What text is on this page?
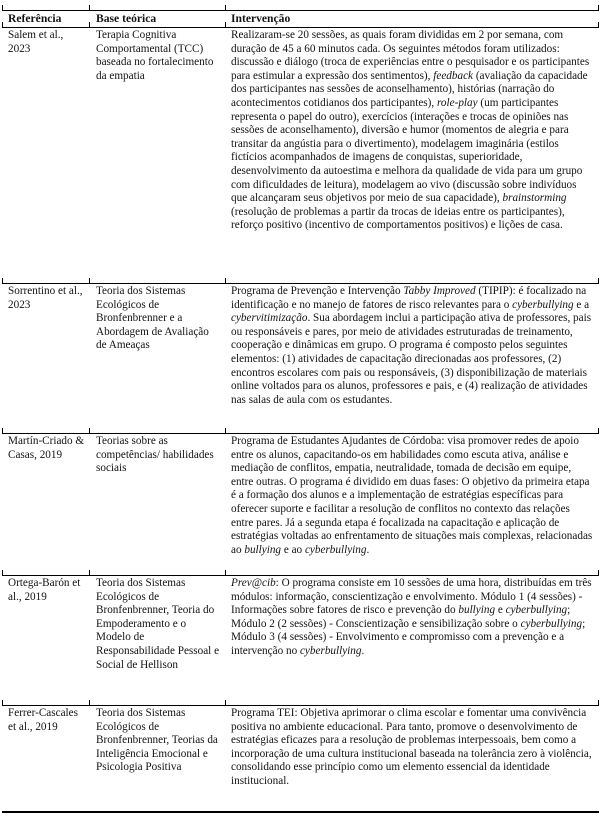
Referência	Base teórica	Intervenção
Salem et al., 2023
Terapia Cognitiva Comportamental (TCC) baseada no fortalecimento da empatia
Realizaram-se 20 sessões, as quais foram divididas em 2 por semana, com duração de 45 a 60 minutos cada. Os seguintes métodos foram utilizados: discussão e diálogo (troca de experiências entre o pesquisador e os participantes para estimular a expressão dos sentimentos), feedback (avaliação da capacidade dos participantes nas sessões de aconselhamento), histórias (narração do acontecimentos cotidianos dos participantes), role-play (um participantes representa o papel do outro), exercícios (interações e trocas de opiniões nas sessões de aconselhamento), diversão e humor (momentos de alegria e para transitar da angústia para o divertimento), modelagem imaginária (estilos fictícios acompanhados de imagens de conquistas, superioridade, desenvolvimento da autoestima e melhora da qualidade de vida para um grupo com dificuldades de leitura), modelagem ao vivo (discussão sobre indivíduos que alcançaram seus objetivos por meio de sua capacidade), brainstorming (resolução de problemas a partir da trocas de ideias entre os participantes), reforço positivo (incentivo de comportamentos positivos) e lições de casa.
Sorrentino et al., 2023
Teoria dos Sistemas Ecológicos de Bronfenbrenner e a Abordagem de Avaliação de Ameaças
Programa de Prevenção e Intervenção Tabby Improved (TIPIP): é focalizado na identificação e no manejo de fatores de risco relevantes para o cyberbullying e a cybervitimização. Sua abordagem inclui a participação ativa de professores, pais ou responsáveis e pares, por meio de atividades estruturadas de treinamento, cooperação e dinâmicas em grupo. O programa é composto pelos seguintes elementos: (1) atividades de capacitação direcionadas aos professores, (2) encontros escolares com pais ou responsáveis, (3) disponibilização de materiais online voltados para os alunos, professores e pais, e (4) realização de atividades nas salas de aula com os estudantes.
Martín-Criado & Casas, 2019
Teorias sobre as competências/ habilidades sociais
Programa de Estudantes Ajudantes de Córdoba: visa promover redes de apoio entre os alunos, capacitando-os em habilidades como escuta ativa, análise e mediação de conflitos, empatia, neutralidade, tomada de decisão em equipe, entre outras. O programa é dividido em duas fases: O objetivo da primeira etapa é a formação dos alunos e a implementação de estratégias específicas para oferecer suporte e facilitar a resolução de conflitos no contexto das relações entre pares. Já a segunda etapa é focalizada na capacitação e aplicação de estratégias voltadas ao enfrentamento de situações mais complexas, relacionadas ao bullying e ao cyberbullying.
Ortega-Barón et al., 2019
Teoria dos Sistemas Ecológicos de Bronfenbrenner, Teoria do Empoderamento e o Modelo de Responsabilidade Pessoal e Social de Hellison
Prev@cib: O programa consiste em 10 sessões de uma hora, distribuídas em três módulos: informação, conscientização e envolvimento. Módulo 1 (4 sessões) - Informações sobre fatores de risco e prevenção do bullying e cyberbullying; Módulo 2 (2 sessões) - Conscientização e sensibilização sobre o cyberbullying; Módulo 3 (4 sessões) - Envolvimento e compromisso com a prevenção e a intervenção no cyberbullying.
Ferrer-Cascales et al., 2019
Teoria dos Sistemas Ecológicos de Bronfenbrenner, Teorias da Inteligência Emocional e Psicologia Positiva
Programa TEI: Objetiva aprimorar o clima escolar e fomentar uma convivência positiva no ambiente educacional. Para tanto, promove o desenvolvimento de estratégias eficazes para a resolução de problemas interpessoais, bem como a incorporação de uma cultura institucional baseada na tolerância zero à violência, consolidando esse princípio como um elemento essencial da identidade institucional.
